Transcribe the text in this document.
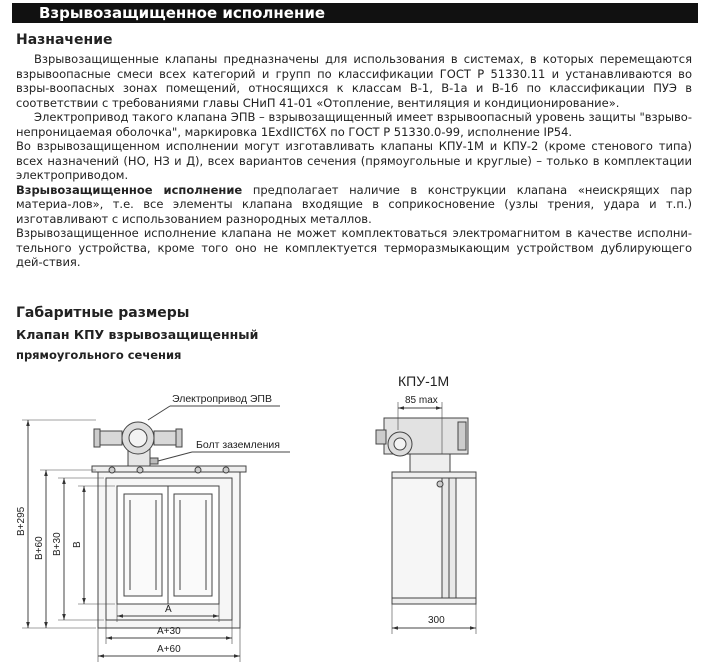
Взрывозащищенное исполнение
Назначение

Взрывозащищенные клапаны предназначены для использования в системах, в которых перемещаются взрывоопасные смеси всех категорий и групп по классификации ГОСТ Р 51330.11 и устанавливаются во взры-воопасных зонах помещений, относящихся к классам В-1, В-1а и В-1б по классификации ПУЭ в соответствии с требованиями главы СНиП 41-01 «Отопление, вентиляция и кондиционирование».

Электропривод такого клапана ЭПВ – взрывозащищенный имеет взрывоопасный уровень защиты "взрыво-непроницаемая оболочка", маркировка 1ExdIICT6X по ГОСТ Р 51330.0-99, исполнение IP54.

Во взрывозащищенном исполнении могут изготавливать клапаны КПУ-1М и КПУ-2 (кроме стенового типа) всех назначений (НО, НЗ и Д), всех вариантов сечения (прямоугольные и круглые) – только в комплектации электроприводом.

Взрывозащищенное исполнение предполагает наличие в конструкции клапана «неискрящих пар материа-лов», т.е. все элементы клапана входящие в соприкосновение (узлы трения, удара и т.п.) изготавливают с использованием разнородных металлов.

Взрывозащищенное исполнение клапана не может комплектоваться электромагнитом в качестве исполни-тельного устройства, кроме того оно не комплектуется терморазмыкающим устройством дублирующего дей-ствия.

Габаритные размеры
Клапан КПУ взрывозащищенный
прямоугольного сечения
Электропривод ЭПВ
Болт заземления
КПУ-1М
85 max
300
A
A+30
A+60
B+295
B+60 B+30 B
